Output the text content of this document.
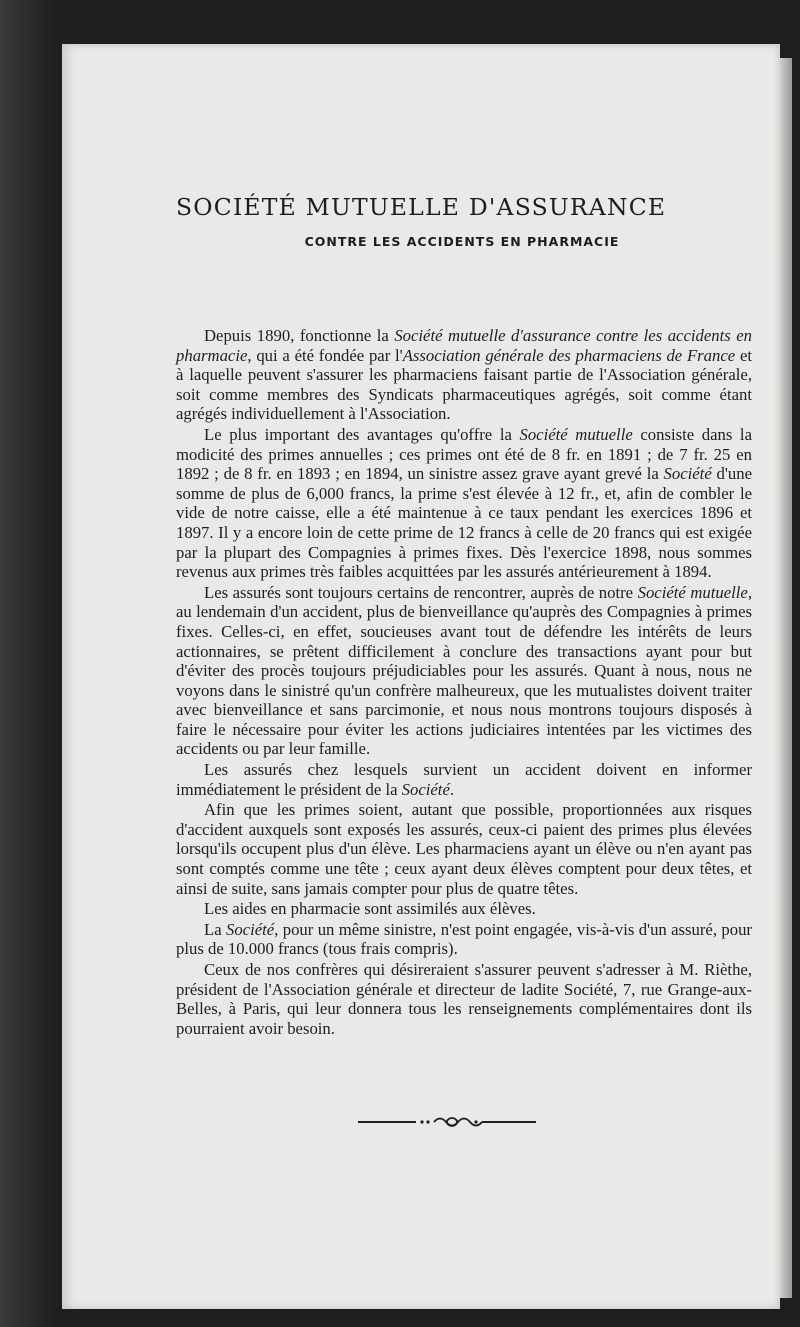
SOCIÉTÉ MUTUELLE D'ASSURANCE
CONTRE LES ACCIDENTS EN PHARMACIE

Depuis 1890, fonctionne la Société mutuelle d'assurance contre les accidents en pharmacie, qui a été fondée par l'Association générale des pharmaciens de France et à laquelle peuvent s'assurer les pharmaciens faisant partie de l'Association générale, soit comme membres des Syndicats pharmaceutiques agrégés, soit comme étant agrégés individuellement à l'Association.

Le plus important des avantages qu'offre la Société mutuelle consiste dans la modicité des primes annuelles ; ces primes ont été de 8 fr. en 1891 ; de 7 fr. 25 en 1892 ; de 8 fr. en 1893 ; en 1894, un sinistre assez grave ayant grevé la Société d'une somme de plus de 6,000 francs, la prime s'est élevée à 12 fr., et, afin de combler le vide de notre caisse, elle a été maintenue à ce taux pendant les exercices 1896 et 1897. Il y a encore loin de cette prime de 12 francs à celle de 20 francs qui est exigée par la plupart des Compagnies à primes fixes. Dès l'exercice 1898, nous sommes revenus aux primes très faibles acquittées par les assurés antérieurement à 1894.

Les assurés sont toujours certains de rencontrer, auprès de notre Société mutuelle, au lendemain d'un accident, plus de bienveillance qu'auprès des Compagnies à primes fixes. Celles-ci, en effet, soucieuses avant tout de défendre les intérêts de leurs actionnaires, se prêtent difficilement à conclure des transactions ayant pour but d'éviter des procès toujours préjudiciables pour les assurés. Quant à nous, nous ne voyons dans le sinistré qu'un confrère malheureux, que les mutualistes doivent traiter avec bienveillance et sans parcimonie, et nous nous montrons toujours disposés à faire le nécessaire pour éviter les actions judiciaires intentées par les victimes des accidents ou par leur famille.

Les assurés chez lesquels survient un accident doivent en informer immédiatement le président de la Société.

Afin que les primes soient, autant que possible, proportionnées aux risques d'accident auxquels sont exposés les assurés, ceux-ci paient des primes plus élevées lorsqu'ils occupent plus d'un élève. Les pharmaciens ayant un élève ou n'en ayant pas sont comptés comme une tête ; ceux ayant deux élèves comptent pour deux têtes, et ainsi de suite, sans jamais compter pour plus de quatre têtes.

Les aides en pharmacie sont assimilés aux élèves.

La Société, pour un même sinistre, n'est point engagée, vis-à-vis d'un assuré, pour plus de 10.000 francs (tous frais compris).

Ceux de nos confrères qui désireraient s'assurer peuvent s'adresser à M. Rièthe, président de l'Association générale et directeur de ladite Société, 7, rue Grange-aux-Belles, à Paris, qui leur donnera tous les renseignements complémentaires dont ils pourraient avoir besoin.
